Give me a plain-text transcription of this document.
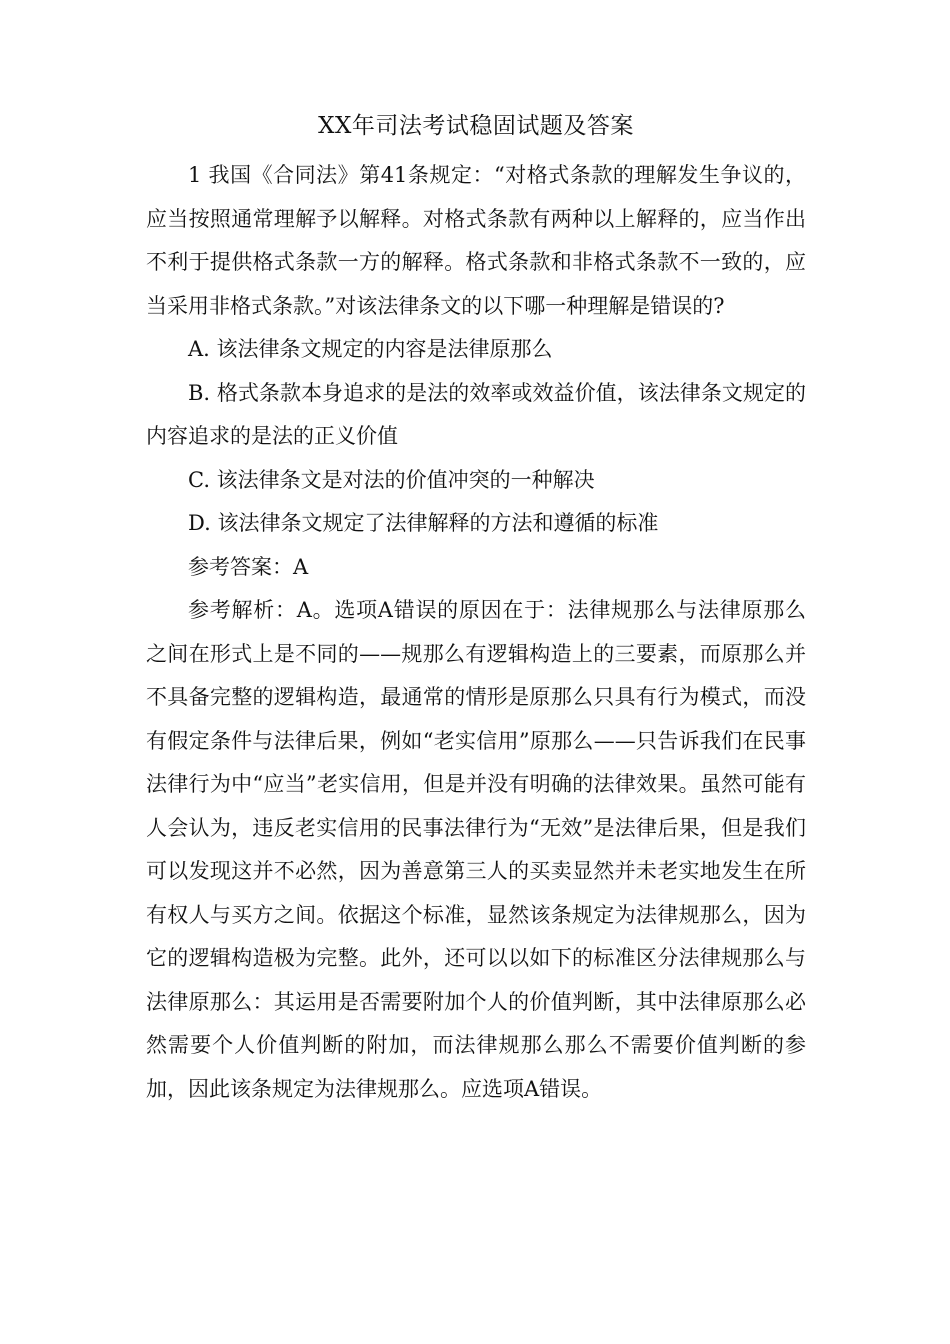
XX年司法考试稳固试题及答案

1 我国《合同法》第41条规定：“对格式条款的理解发生争议的，应当按照通常理解予以解释。对格式条款有两种以上解释的，应当作出不利于提供格式条款一方的解释。格式条款和非格式条款不一致的，应当采用非格式条款。”对该法律条文的以下哪一种理解是错误的?

A. 该法律条文规定的内容是法律原那么

B. 格式条款本身追求的是法的效率或效益价值，该法律条文规定的内容追求的是法的正义价值

C. 该法律条文是对法的价值冲突的一种解决

D. 该法律条文规定了法律解释的方法和遵循的标准

参考答案：A

参考解析：A。选项A错误的原因在于：法律规那么与法律原那么之间在形式上是不同的——规那么有逻辑构造上的三要素，而原那么并不具备完整的逻辑构造，最通常的情形是原那么只具有行为模式，而没有假定条件与法律后果，例如“老实信用”原那么——只告诉我们在民事法律行为中“应当”老实信用，但是并没有明确的法律效果。虽然可能有人会认为，违反老实信用的民事法律行为“无效”是法律后果，但是我们可以发现这并不必然，因为善意第三人的买卖显然并未老实地发生在所有权人与买方之间。依据这个标准，显然该条规定为法律规那么，因为它的逻辑构造极为完整。此外，还可以以如下的标准区分法律规那么与法律原那么：其运用是否需要附加个人的价值判断，其中法律原那么必然需要个人价值判断的附加，而法律规那么那么不需要价值判断的参加，因此该条规定为法律规那么。应选项A错误。
